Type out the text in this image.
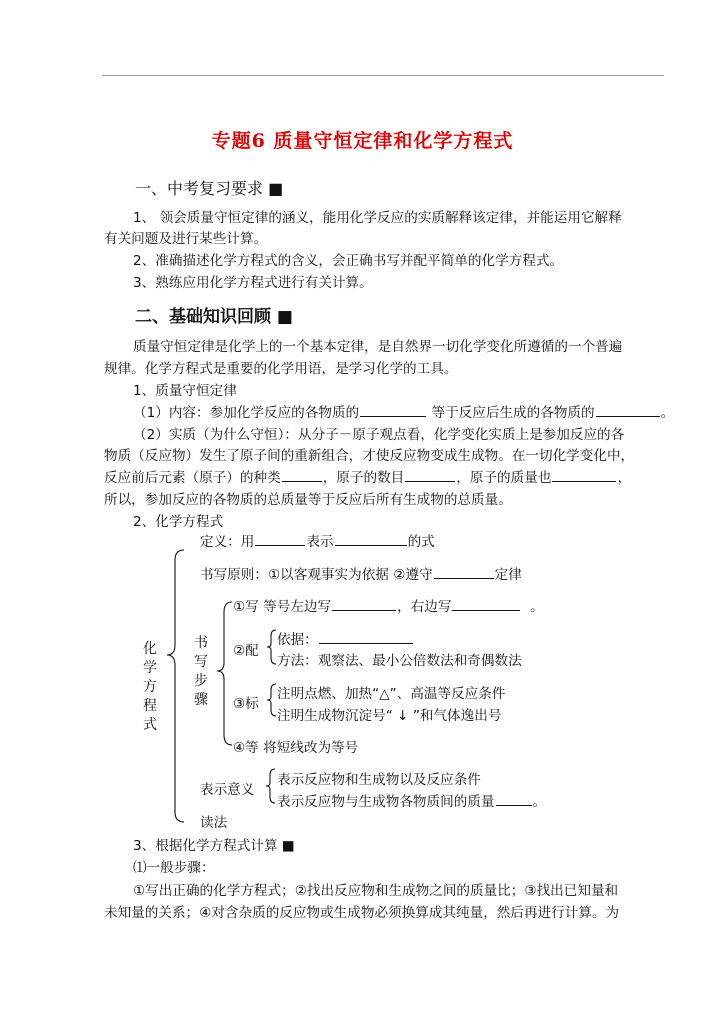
专题6 质量守恒定律和化学方程式
一、中考复习要求 ■
1、 领会质量守恒定律的涵义，能用化学反应的实质解释该定律，并能运用它解释
有关问题及进行某些计算。
2、准确描述化学方程式的含义，会正确书写并配平简单的化学方程式。
3、熟练应用化学方程式进行有关计算。
二、基础知识回顾 ■
质量守恒定律是化学上的一个基本定律，是自然界一切化学变化所遵循的一个普遍
规律。化学方程式是重要的化学用语，是学习化学的工具。
1、质量守恒定律
（1）内容：参加化学反应的各物质的	等于反应后生成的各物质的	。
（2）实质（为什么守恒）：从分子－原子观点看，化学变化实质上是参加反应的各
物质（反应物）发生了原子间的重新组合，才使反应物变成生成物。在一切化学变化中，
反应前后元素（原子）的种类	，原子的数目	，原子的质量也	，
所以，参加反应的各物质的总质量等于反应后所有生成物的总质量。
2、化学方程式
化学方程式
定义：用	表示	的式
书写原则：①以客观事实为依据 ②遵守	定律
书写步骤
①写 等号左边写	，右边写	。
②配
依据：
方法：观察法、最小公倍数法和奇偶数法
③标
注明点燃、加热“△”、高温等反应条件
注明生成物沉淀号“ ↓ ”和气体逸出号
④等 将短线改为等号
表示意义
表示反应物和生成物以及反应条件
表示反应物与生成物各物质间的质量	。
读法
3、根据化学方程式计算 ■
⑴一般步骤：
①写出正确的化学方程式；②找出反应物和生成物之间的质量比；③找出已知量和
未知量的关系；④对含杂质的反应物或生成物必须换算成其纯量，然后再进行计算。为
